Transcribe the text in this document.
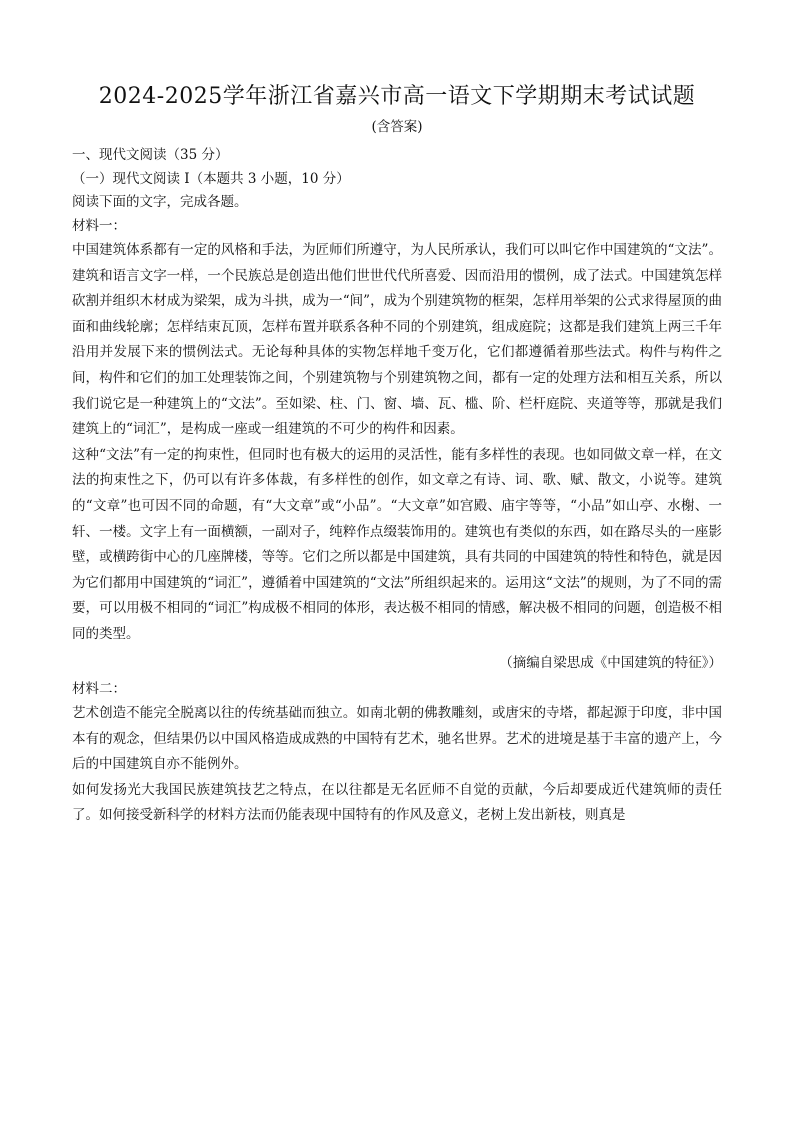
2024-2025学年浙江省嘉兴市高一语文下学期期末考试试题
(含答案)

一、现代文阅读（35 分）

（一）现代文阅读 I（本题共 3 小题，10 分）

阅读下面的文字，完成各题。

材料一：

中国建筑体系都有一定的风格和手法，为匠师们所遵守，为人民所承认，我们可以叫它作中国建筑的“文法”。建筑和语言文字一样，一个民族总是创造出他们世世代代所喜爱、因而沿用的惯例，成了法式。中国建筑怎样砍割并组织木材成为梁架，成为斗拱，成为一“间”，成为个别建筑物的框架，怎样用举架的公式求得屋顶的曲面和曲线轮廓；怎样结束瓦顶，怎样布置并联系各种不同的个别建筑，组成庭院；这都是我们建筑上两三千年沿用并发展下来的惯例法式。无论每种具体的实物怎样地千变万化，它们都遵循着那些法式。构件与构件之间，构件和它们的加工处理装饰之间，个别建筑物与个别建筑物之间，都有一定的处理方法和相互关系，所以我们说它是一种建筑上的“文法”。至如梁、柱、门、窗、墙、瓦、槛、阶、栏杆庭院、夹道等等，那就是我们建筑上的“词汇”，是构成一座或一组建筑的不可少的构件和因素。

这种“文法”有一定的拘束性，但同时也有极大的运用的灵活性，能有多样性的表现。也如同做文章一样，在文法的拘束性之下，仍可以有许多体裁，有多样性的创作，如文章之有诗、词、歌、赋、散文，小说等。建筑的“文章”也可因不同的命题，有“大文章”或“小品”。“大文章”如宫殿、庙宇等等，“小品”如山亭、水榭、一轩、一楼。文字上有一面横额，一副对子，纯粹作点缀装饰用的。建筑也有类似的东西，如在路尽头的一座影壁，或横跨街中心的几座牌楼，等等。它们之所以都是中国建筑，具有共同的中国建筑的特性和特色，就是因为它们都用中国建筑的“词汇”，遵循着中国建筑的“文法”所组织起来的。运用这“文法”的规则，为了不同的需要，可以用极不相同的“词汇”构成极不相同的体形，表达极不相同的情感，解决极不相同的问题，创造极不相同的类型。

（摘编自梁思成《中国建筑的特征》）

材料二：

艺术创造不能完全脱离以往的传统基础而独立。如南北朝的佛教雕刻，或唐宋的寺塔，都起源于印度，非中国本有的观念，但结果仍以中国风格造成成熟的中国特有艺术，驰名世界。艺术的进境是基于丰富的遗产上，今后的中国建筑自亦不能例外。

如何发扬光大我国民族建筑技艺之特点，在以往都是无名匠师不自觉的贡献，今后却要成近代建筑师的责任了。如何接受新科学的材料方法而仍能表现中国特有的作风及意义，老树上发出新枝，则真是
